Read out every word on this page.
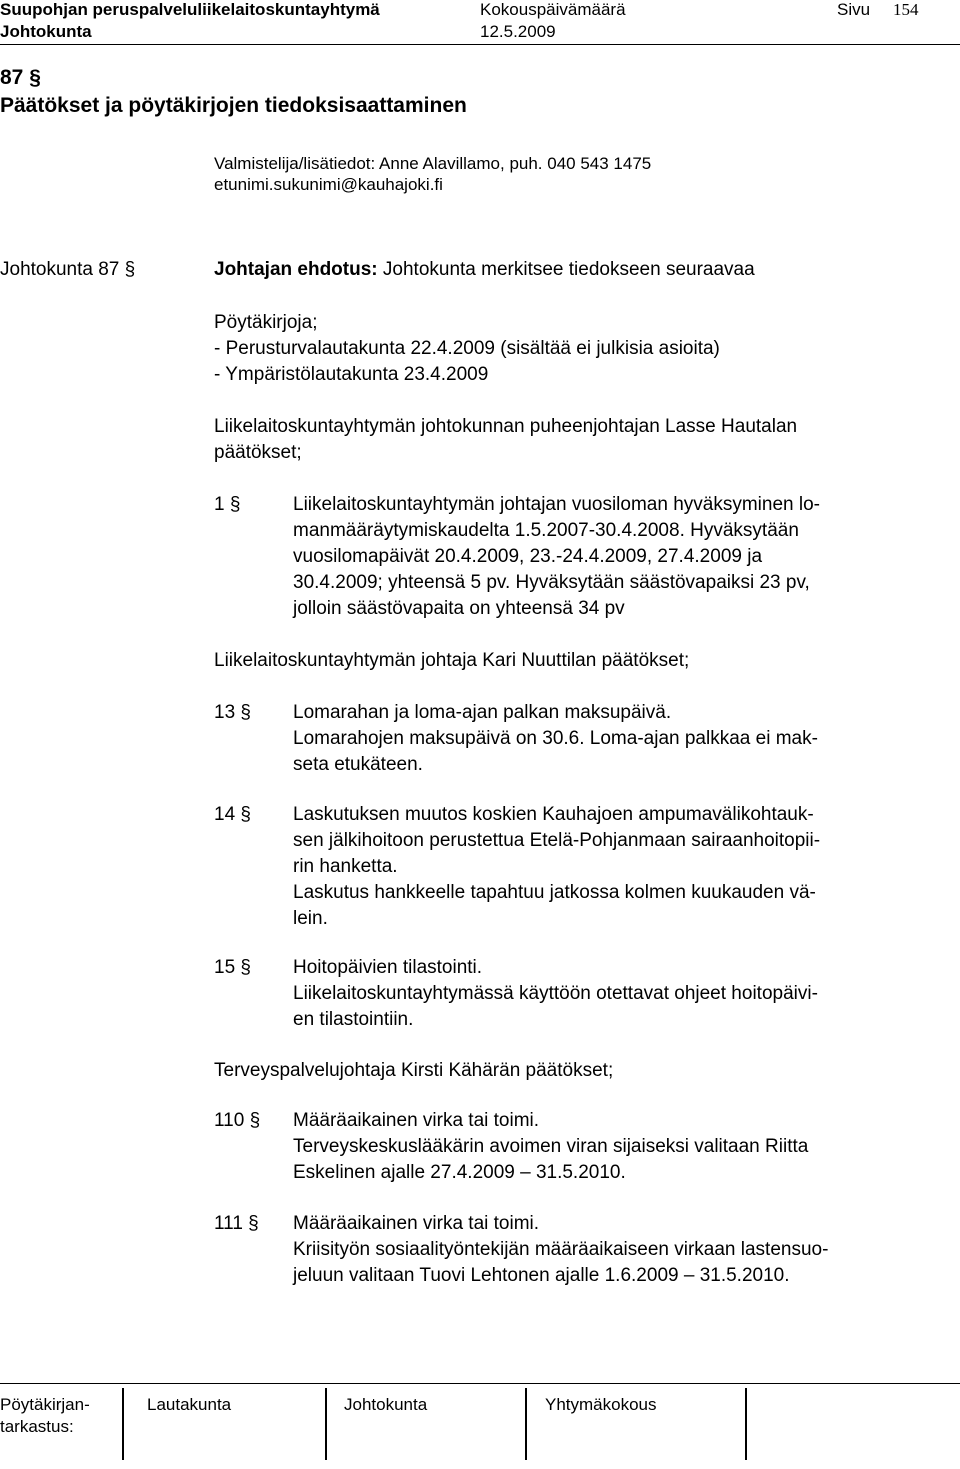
Suupohjan peruspalveluliikelaitoskuntayhtymä	Kokouspäivämäärä	Sivu 154
Johtokunta	12.5.2009
87 §
Päätökset ja pöytäkirjojen tiedoksisaattaminen
Valmistelija/lisätiedot: Anne Alavillamo, puh. 040 543 1475
etunimi.sukunimi@kauhajoki.fi
Johtokunta 87 §	Johtajan ehdotus: Johtokunta merkitsee tiedokseen seuraavaa
Pöytäkirjoja;
- Perusturvalautakunta 22.4.2009 (sisältää ei julkisia asioita)
- Ympäristölautakunta 23.4.2009
Liikelaitoskuntayhtymän johtokunnan puheenjohtajan Lasse Hautalan
päätökset;
1 §	Liikelaitoskuntayhtymän johtajan vuosiloman hyväksyminen lo-
manmääräytymiskaudelta 1.5.2007-30.4.2008. Hyväksytään
vuosilomapäivät 20.4.2009, 23.-24.4.2009, 27.4.2009 ja
30.4.2009; yhteensä 5 pv. Hyväksytään säästövapaiksi 23 pv,
jolloin säästövapaita on yhteensä 34 pv
Liikelaitoskuntayhtymän johtaja Kari Nuuttilan päätökset;
13 § Lomarahan ja loma-ajan palkan maksupäivä.
Lomarahojen maksupäivä on 30.6. Loma-ajan palkkaa ei mak-
seta etukäteen.
14 § Laskutuksen muutos koskien Kauhajoen ampumavälikohtauk-
sen jälkihoitoon perustettua Etelä-Pohjanmaan sairaanhoitopii-
rin hanketta.
Laskutus hankkeelle tapahtuu jatkossa kolmen kuukauden vä-
lein.
15 § Hoitopäivien tilastointi.
Liikelaitoskuntayhtymässä käyttöön otettavat ohjeet hoitopäivi-
en tilastointiin.
Terveyspalvelujohtaja Kirsti Kähärän päätökset;
110 § Määräaikainen virka tai toimi.
Terveyskeskuslääkärin avoimen viran sijaiseksi valitaan Riitta
Eskelinen ajalle 27.4.2009 – 31.5.2010.
111 § Määräaikainen virka tai toimi.
Kriisityön sosiaalityöntekijän määräaikaiseen virkaan lastensuo-
jeluun valitaan Tuovi Lehtonen ajalle 1.6.2009 – 31.5.2010.
Pöytäkirjan-
tarkastus:
Lautakunta	Johtokunta	Yhtymäkokous
